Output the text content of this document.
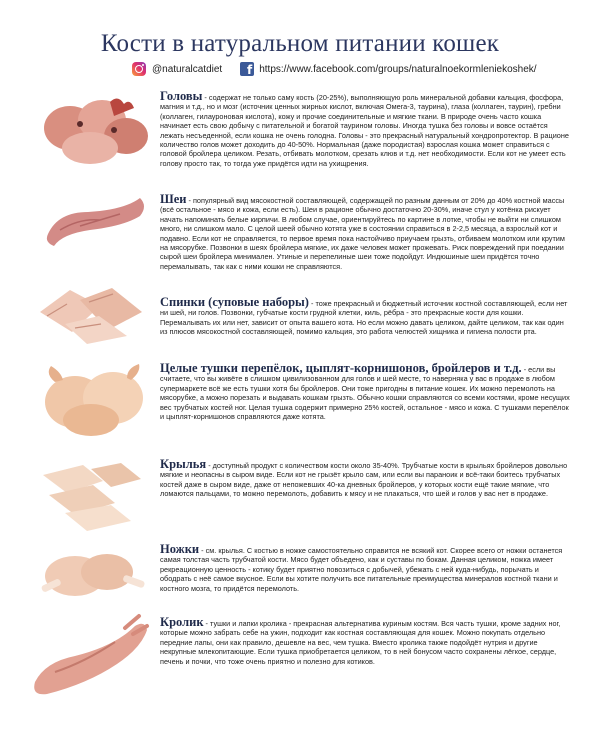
Кости в натуральном питании кошек
@naturalcatdiet	f https://www.facebook.com/groups/naturalnoekormleniekoshek/
Головы - содержат не только саму кость (20-25%), выполняющую роль минеральной добавки кальция, фосфора, магния и т.д., но и мозг (источник ценных жирных кислот, включая Омега-3, таурина), глаза (коллаген, таурин), гребни (коллаген, гилауроновая кислота), кожу и прочие соединительные и мягкие ткани. В природе очень часто кошка начинает есть свою добычу с питательной и богатой таурином головы. Иногда тушка без головы и вовсе остаётся лежать несъеденной, если кошка не очень голодна. Головы - это прекрасный натуральный хондропротектор. В рационе количество голов может доходить до 40-50%. Нормальная (даже породистая) взрослая кошка может справиться с головой бройлера целиком. Резать, отбивать молотком, срезать клюв и т.д. нет необходимости. Если кот не умеет есть голову просто так, то тогда уже придётся идти на ухищрения.
Шеи - популярный вид мясокостной составляющей, содержащей по разным данным от 20% до 40% костной массы (всё остальное - мясо и кожа, если есть). Шеи в рационе обычно достаточно 20-30%, иначе стул у котёнка рискует начать напоминать белые кирпичи. В любом случае, ориентируйтесь по картине в лотке, чтобы не выйти ни слишком много, ни слишком мало. С целой шеей обычно котята уже в состоянии справиться в 2-2,5 месяца, а взрослый кот и подавно. Если кот не справляется, то первое время пока настойчиво приучаем грызть, отбиваем молотком или крутим на мясорубке. Позвонки в шеях бройлера мягкие, их даже человек может прожевать. Риск повреждений при поедании сырой шеи бройлера минимален. Утиные и перепелиные шеи тоже подойдут. Индюшиные шеи придётся точно перемалывать, так как с ними кошки не справляются.
Спинки (суповые наборы) - тоже прекрасный и бюджетный источник костной составляющей, если нет ни шей, ни голов. Позвонки, губчатые кости грудной клетки, киль, рёбра - это прекрасные кости для кошки. Перемалывать их или нет, зависит от опыта вашего кота. Но если можно давать целиком, дайте целиком, так как один из плюсов мясокостной составляющей, помимо кальция, это работа челюстей хищника и гигиена полости рта.
Целые тушки перепёлок, цыплят-корнишонов, бройлеров и т.д. - если вы считаете, что вы живёте в слишком цивилизованном для голов и шей месте, то наверняка у вас в продаже в любом супермаркете всё же есть тушки хотя бы бройлеров. Они тоже пригодны в питание кошек. Их можно перемолоть на мясорубке, а можно порезать и выдавать кошкам грызть. Обычно кошки справляются со всеми костями, кроме несущих вес трубчатых костей ног. Целая тушка содержит примерно 25% костей, остальное - мясо и кожа. С тушками перепёлок и цыплят-корнишонов справляются даже котята.
Крылья - доступный продукт с количеством кости около 35-40%. Трубчатые кости в крыльях бройлеров довольно мягкие и неопасны в сыром виде. Если кот не грызёт крыло сам, или если вы параноик и всё-таки боитесь трубчатых костей даже в сыром виде, даже от непожевших 40-ка дневных бройлеров, у которых кости ещё такие мягкие, что ломаются пальцами, то можно перемолоть, добавить к мясу и не плакаться, что шей и голов у вас нет в продаже.
Ножки - см. крылья. С костью в ножке самостоятельно справится не всякий кот. Скорее всего от ножки останется самая толстая часть трубчатой кости. Мясо будет объедено, как и суставы по бокам. Данная целиком, ножка имеет рекреационную ценность - котику будет приятно повозиться с добычей, убежать с ней куда-нибудь, порычать и ободрать с неё самое вкусное. Если вы хотите получить все питательные преимущества минералов костной ткани и костного мозга, то придётся перемолоть.
Кролик - тушки и лапки кролика - прекрасная альтернатива куриным костям. Вся часть тушки, кроме задних ног, которые можно забрать себе на ужин, подходит как костная составляющая для кошек. Можно покупать отдельно передние лапы, они как правило, дешевле на вес, чем тушка. Вместо кролика также подойдёт нутрия и другие некрупные млекопитающие. Если тушка приобретается целиком, то в ней бонусом часто сохранены лёгкое, сердце, печень и почки, что тоже очень приятно и полезно для котиков.
